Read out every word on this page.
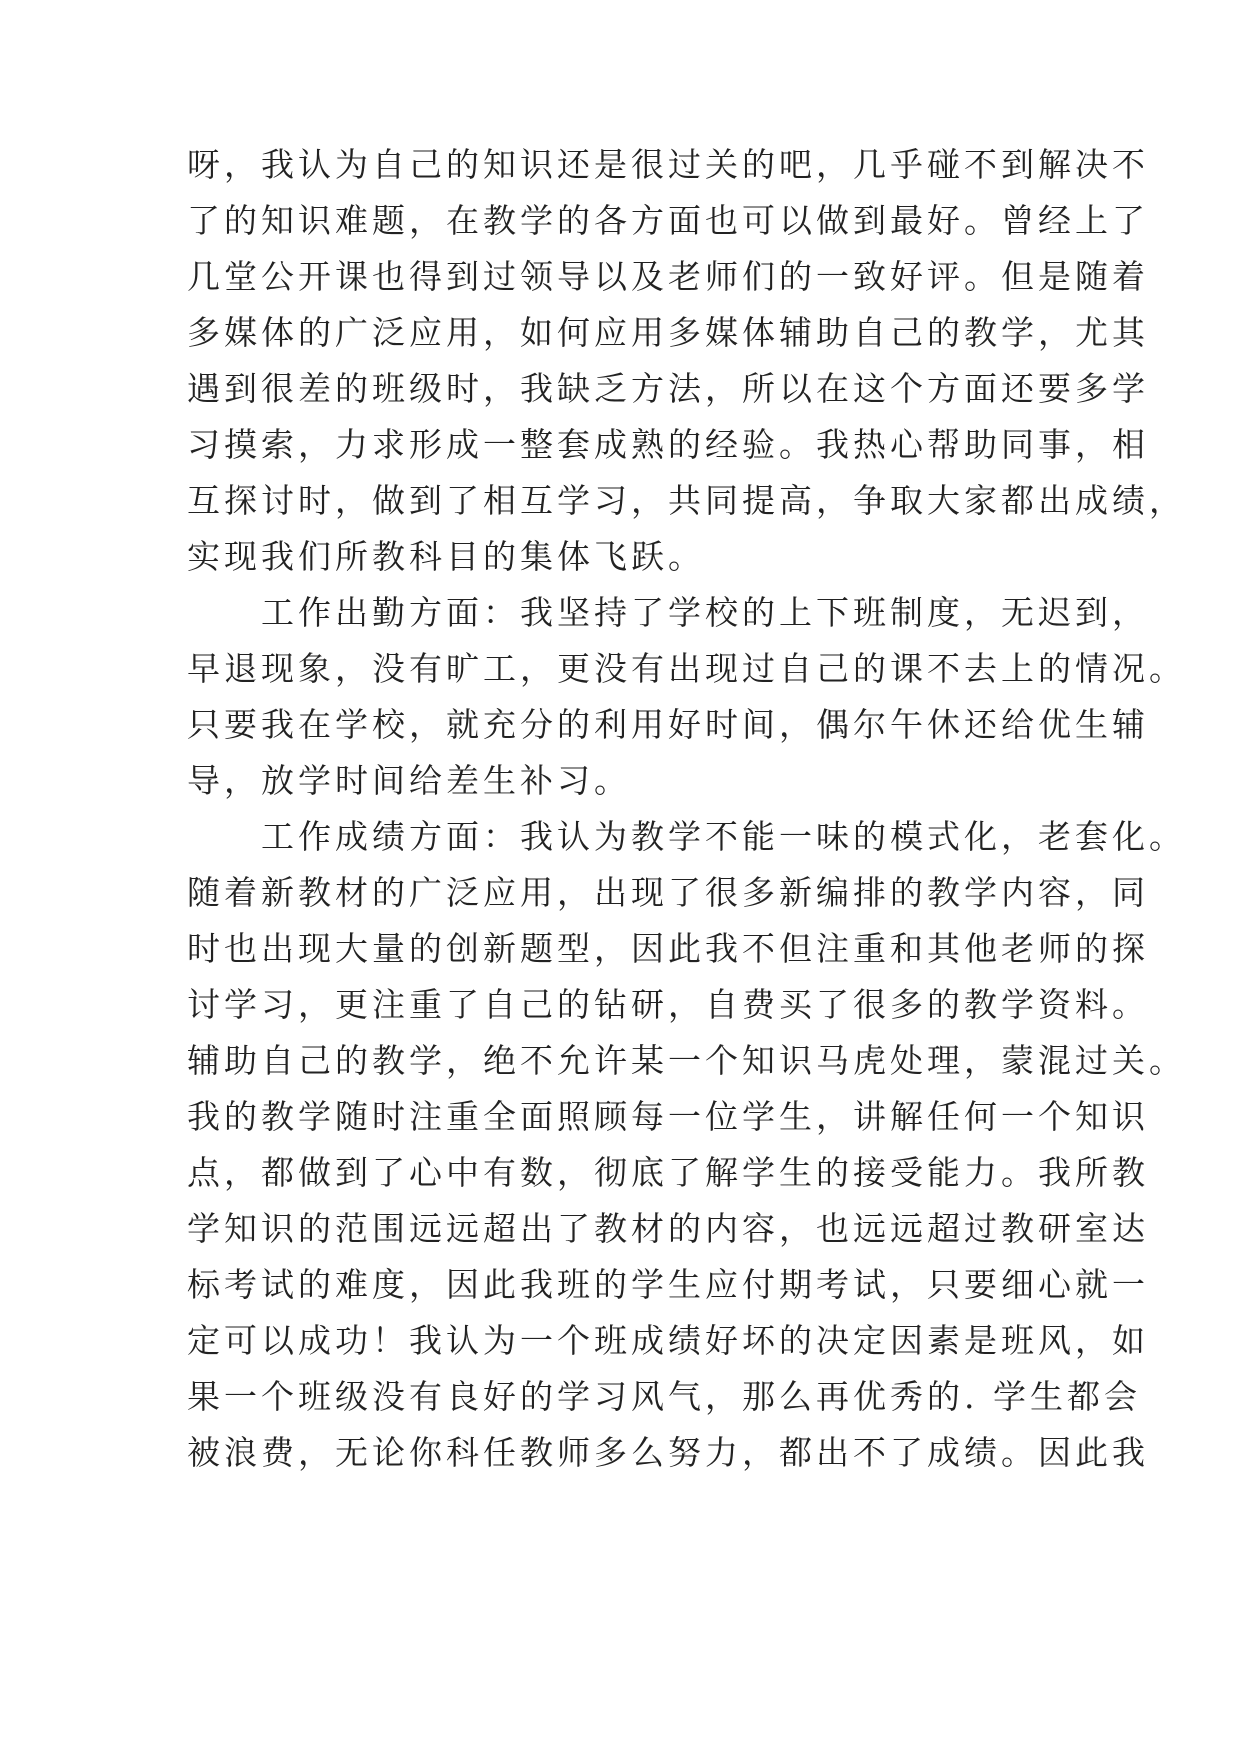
呀，我认为自己的知识还是很过关的吧，几乎碰不到解决不
了的知识难题，在教学的各方面也可以做到最好。曾经上了
几堂公开课也得到过领导以及老师们的一致好评。但是随着
多媒体的广泛应用，如何应用多媒体辅助自己的教学，尤其
遇到很差的班级时，我缺乏方法，所以在这个方面还要多学
习摸索，力求形成一整套成熟的经验。我热心帮助同事，相
互探讨时，做到了相互学习，共同提高，争取大家都出成绩，
实现我们所教科目的集体飞跃。
　　工作出勤方面：我坚持了学校的上下班制度，无迟到，
早退现象，没有旷工，更没有出现过自己的课不去上的情况。
只要我在学校，就充分的利用好时间，偶尔午休还给优生辅
导，放学时间给差生补习。
　　工作成绩方面：我认为教学不能一味的模式化，老套化。
随着新教材的广泛应用，出现了很多新编排的教学内容，同
时也出现大量的创新题型，因此我不但注重和其他老师的探
讨学习，更注重了自己的钻研，自费买了很多的教学资料。
辅助自己的教学，绝不允许某一个知识马虎处理，蒙混过关。
我的教学随时注重全面照顾每一位学生，讲解任何一个知识
点，都做到了心中有数，彻底了解学生的接受能力。我所教
学知识的范围远远超出了教材的内容，也远远超过教研室达
标考试的难度，因此我班的学生应付期考试，只要细心就一
定可以成功！我认为一个班成绩好坏的决定因素是班风，如
果一个班级没有良好的学习风气，那么再优秀的. 学生都会
被浪费，无论你科任教师多么努力，都出不了成绩。因此我
